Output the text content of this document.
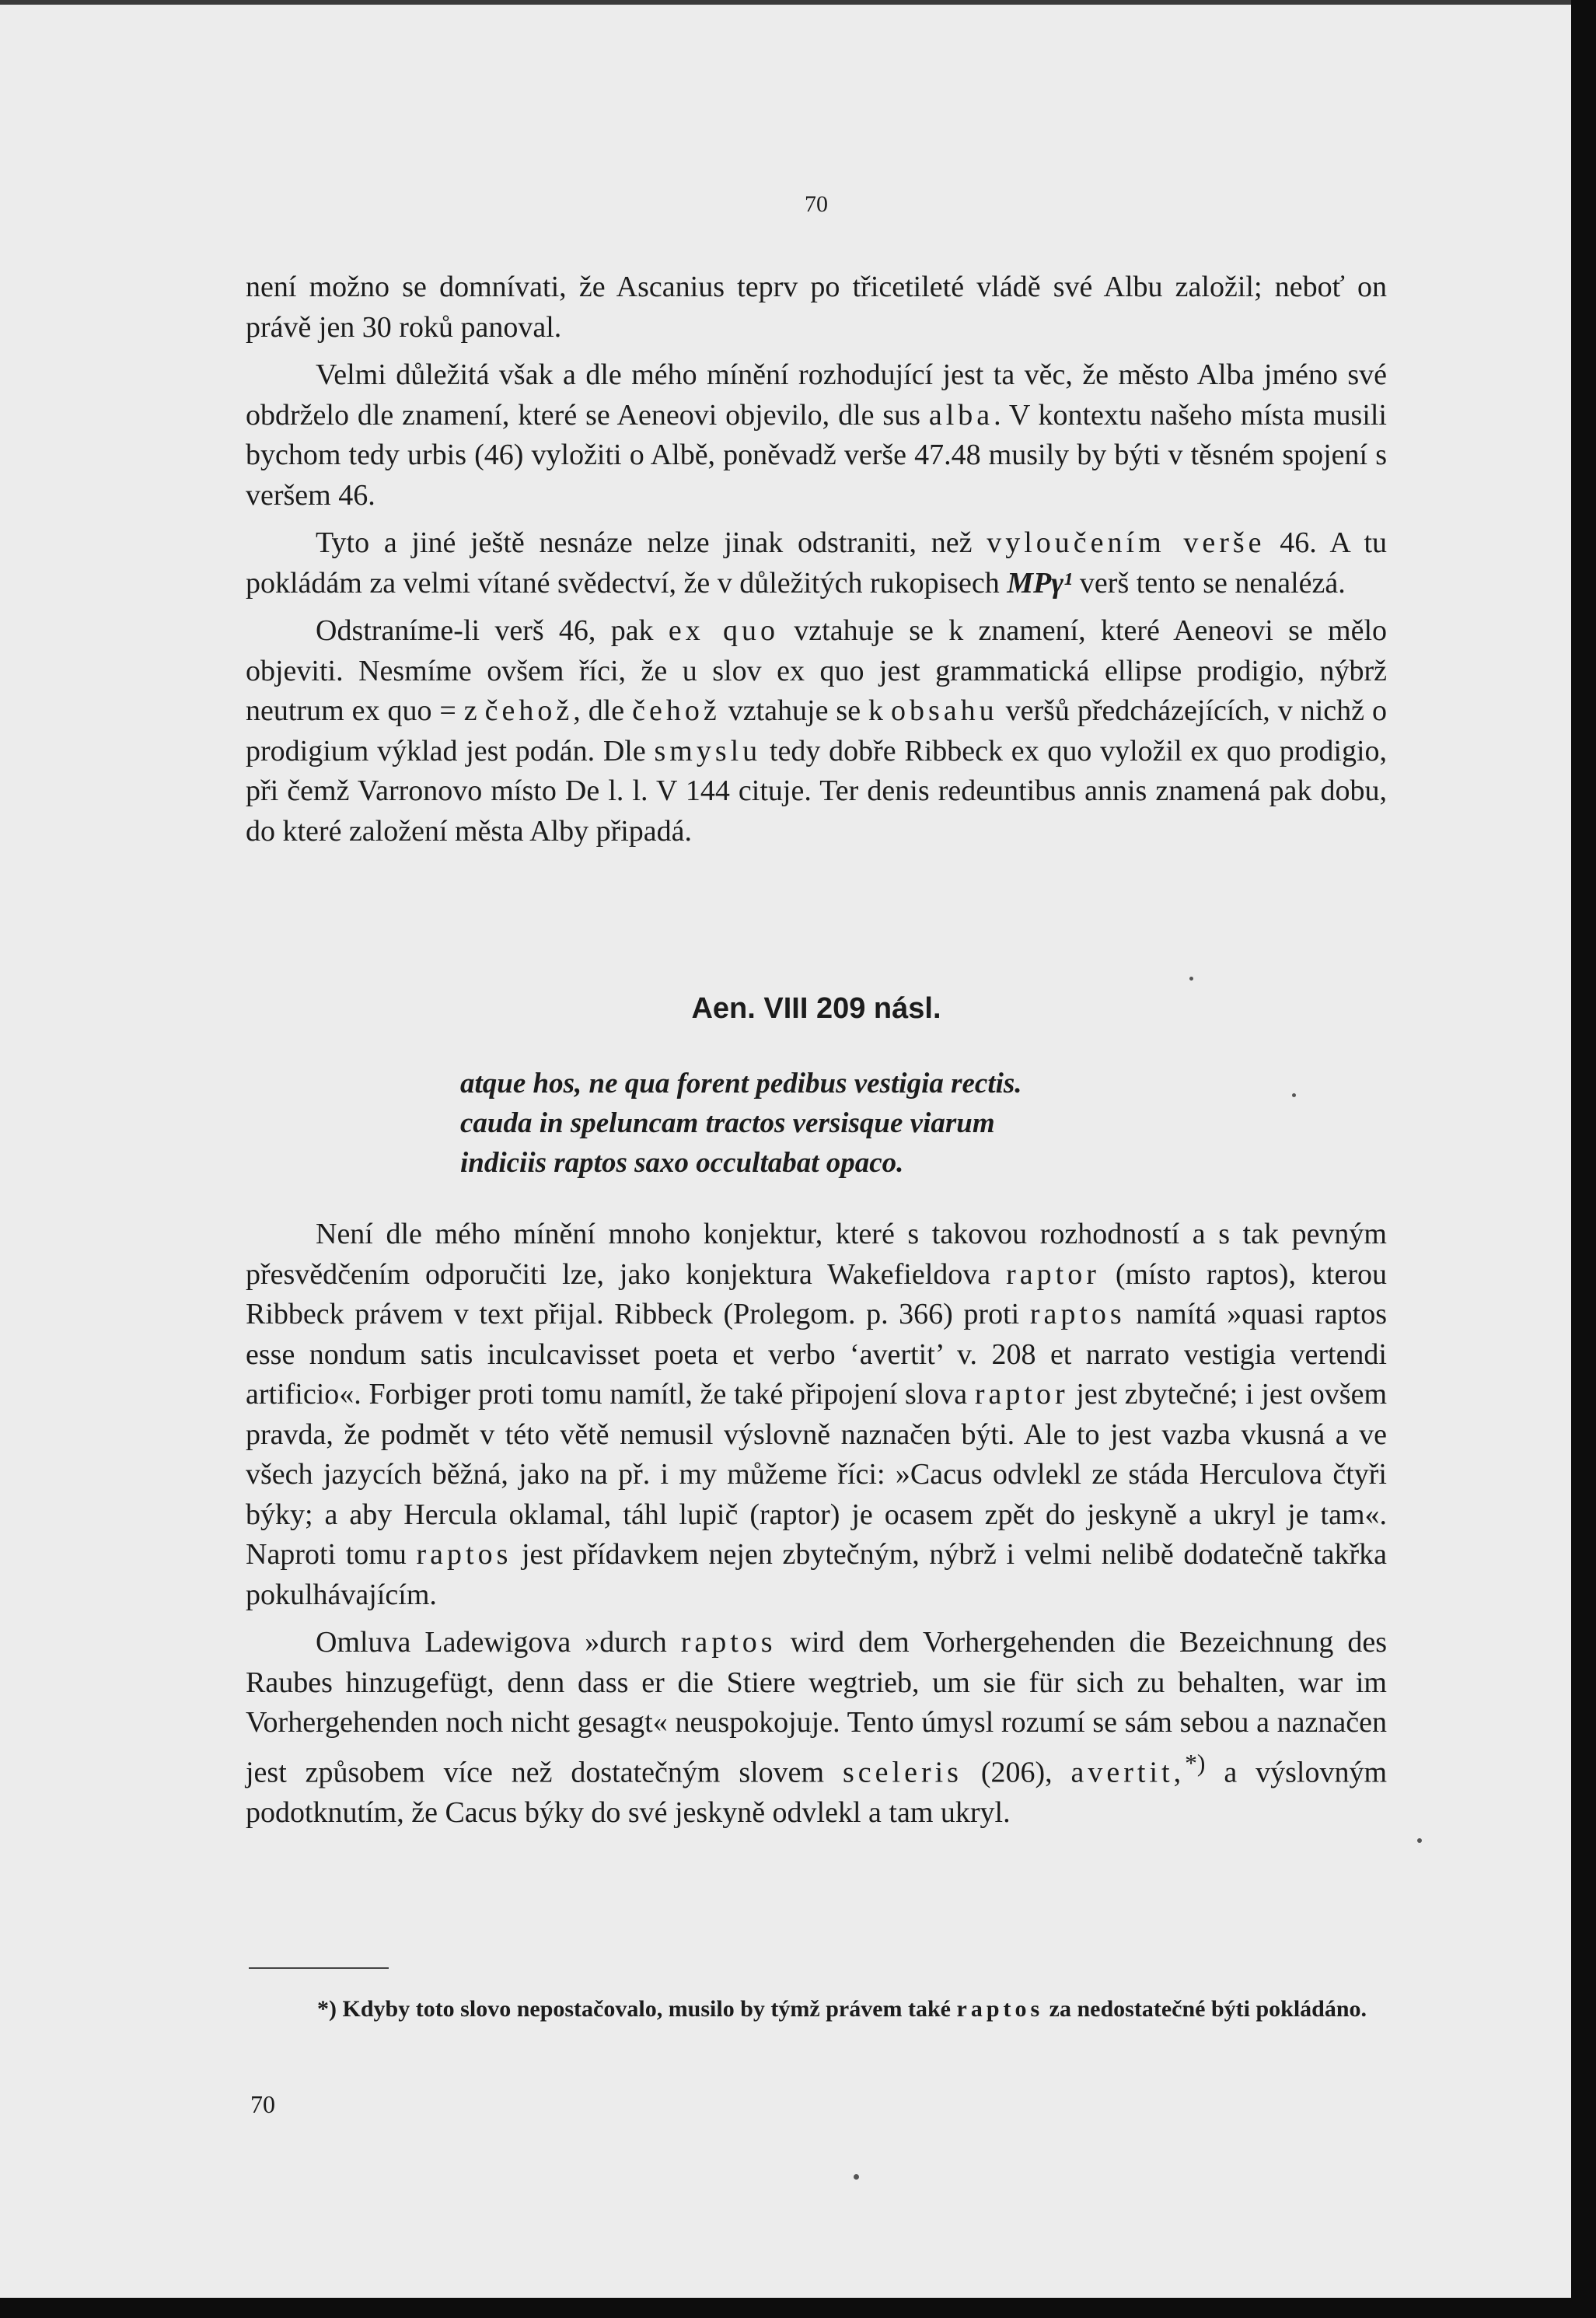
70

není možno se domnívati, že Ascanius teprv po třicetileté vládě své Albu založil; neboť on právě jen 30 roků panoval.

Velmi důležitá však a dle mého mínění rozhodující jest ta věc, že město Alba jméno své obdrželo dle znamení, které se Aeneovi objevilo, dle sus alba. V kontextu našeho místa musili bychom tedy urbis (46) vyložiti o Albě, poněvadž verše 47.48 musily by býti v těsném spojení s veršem 46.

Tyto a jiné ještě nesnáze nelze jinak odstraniti, než vyloučením verše 46. A tu pokládám za velmi vítané svědectví, že v důležitých rukopisech MPγ¹ verš tento se nenalézá.

Odstraníme-li verš 46, pak ex quo vztahuje se k znamení, které Aeneovi se mělo objeviti. Nesmíme ovšem říci, že u slov ex quo jest grammatická ellipse prodigio, nýbrž neutrum ex quo = z čehož, dle čehož vztahuje se k obsahu veršů předcházejících, v nichž o prodigium výklad jest podán. Dle smyslu tedy dobře Ribbeck ex quo vyložil ex quo prodigio, při čemž Varronovo místo De l. l. V 144 cituje. Ter denis redeuntibus annis znamená pak dobu, do které založení města Alby připadá.

Aen. VIII 209 násl.
atque hos, ne qua forent pedibus vestigia rectis.
cauda in speluncam tractos versisque viarum
indiciis raptos saxo occultabat opaco.

Není dle mého mínění mnoho konjektur, které s takovou rozhodností a s tak pevným přesvědčením odporučiti lze, jako konjektura Wakefieldova raptor (místo raptos), kterou Ribbeck právem v text přijal. Ribbeck (Prolegom. p. 366) proti raptos namítá »quasi raptos esse nondum satis inculcavisset poeta et verbo ‘avertit’ v. 208 et narrato vestigia vertendi artificio«. Forbiger proti tomu namítl, že také připojení slova raptor jest zbytečné; i jest ovšem pravda, že podmět v této větě nemusil výslovně naznačen býti. Ale to jest vazba vkusná a ve všech jazycích běžná, jako na př. i my můžeme říci: »Cacus odvlekl ze stáda Herculova čtyři býky; a aby Hercula oklamal, táhl lupič (raptor) je ocasem zpět do jeskyně a ukryl je tam«. Naproti tomu raptos jest přídavkem nejen zbytečným, nýbrž i velmi nelibě dodatečně takřka pokulhávajícím.

Omluva Ladewigova »durch raptos wird dem Vorhergehenden die Bezeichnung des Raubes hinzugefügt, denn dass er die Stiere wegtrieb, um sie für sich zu behalten, war im Vorhergehenden noch nicht gesagt« neuspokojuje. Tento úmysl rozumí se sám sebou a naznačen jest způsobem více než dostatečným slovem sceleris (206), avertit,*) a výslovným podotknutím, že Cacus býky do své jeskyně odvlekl a tam ukryl.

*) Kdyby toto slovo nepostačovalo, musilo by týmž právem také raptos za nedostatečné býti pokládáno.
70
